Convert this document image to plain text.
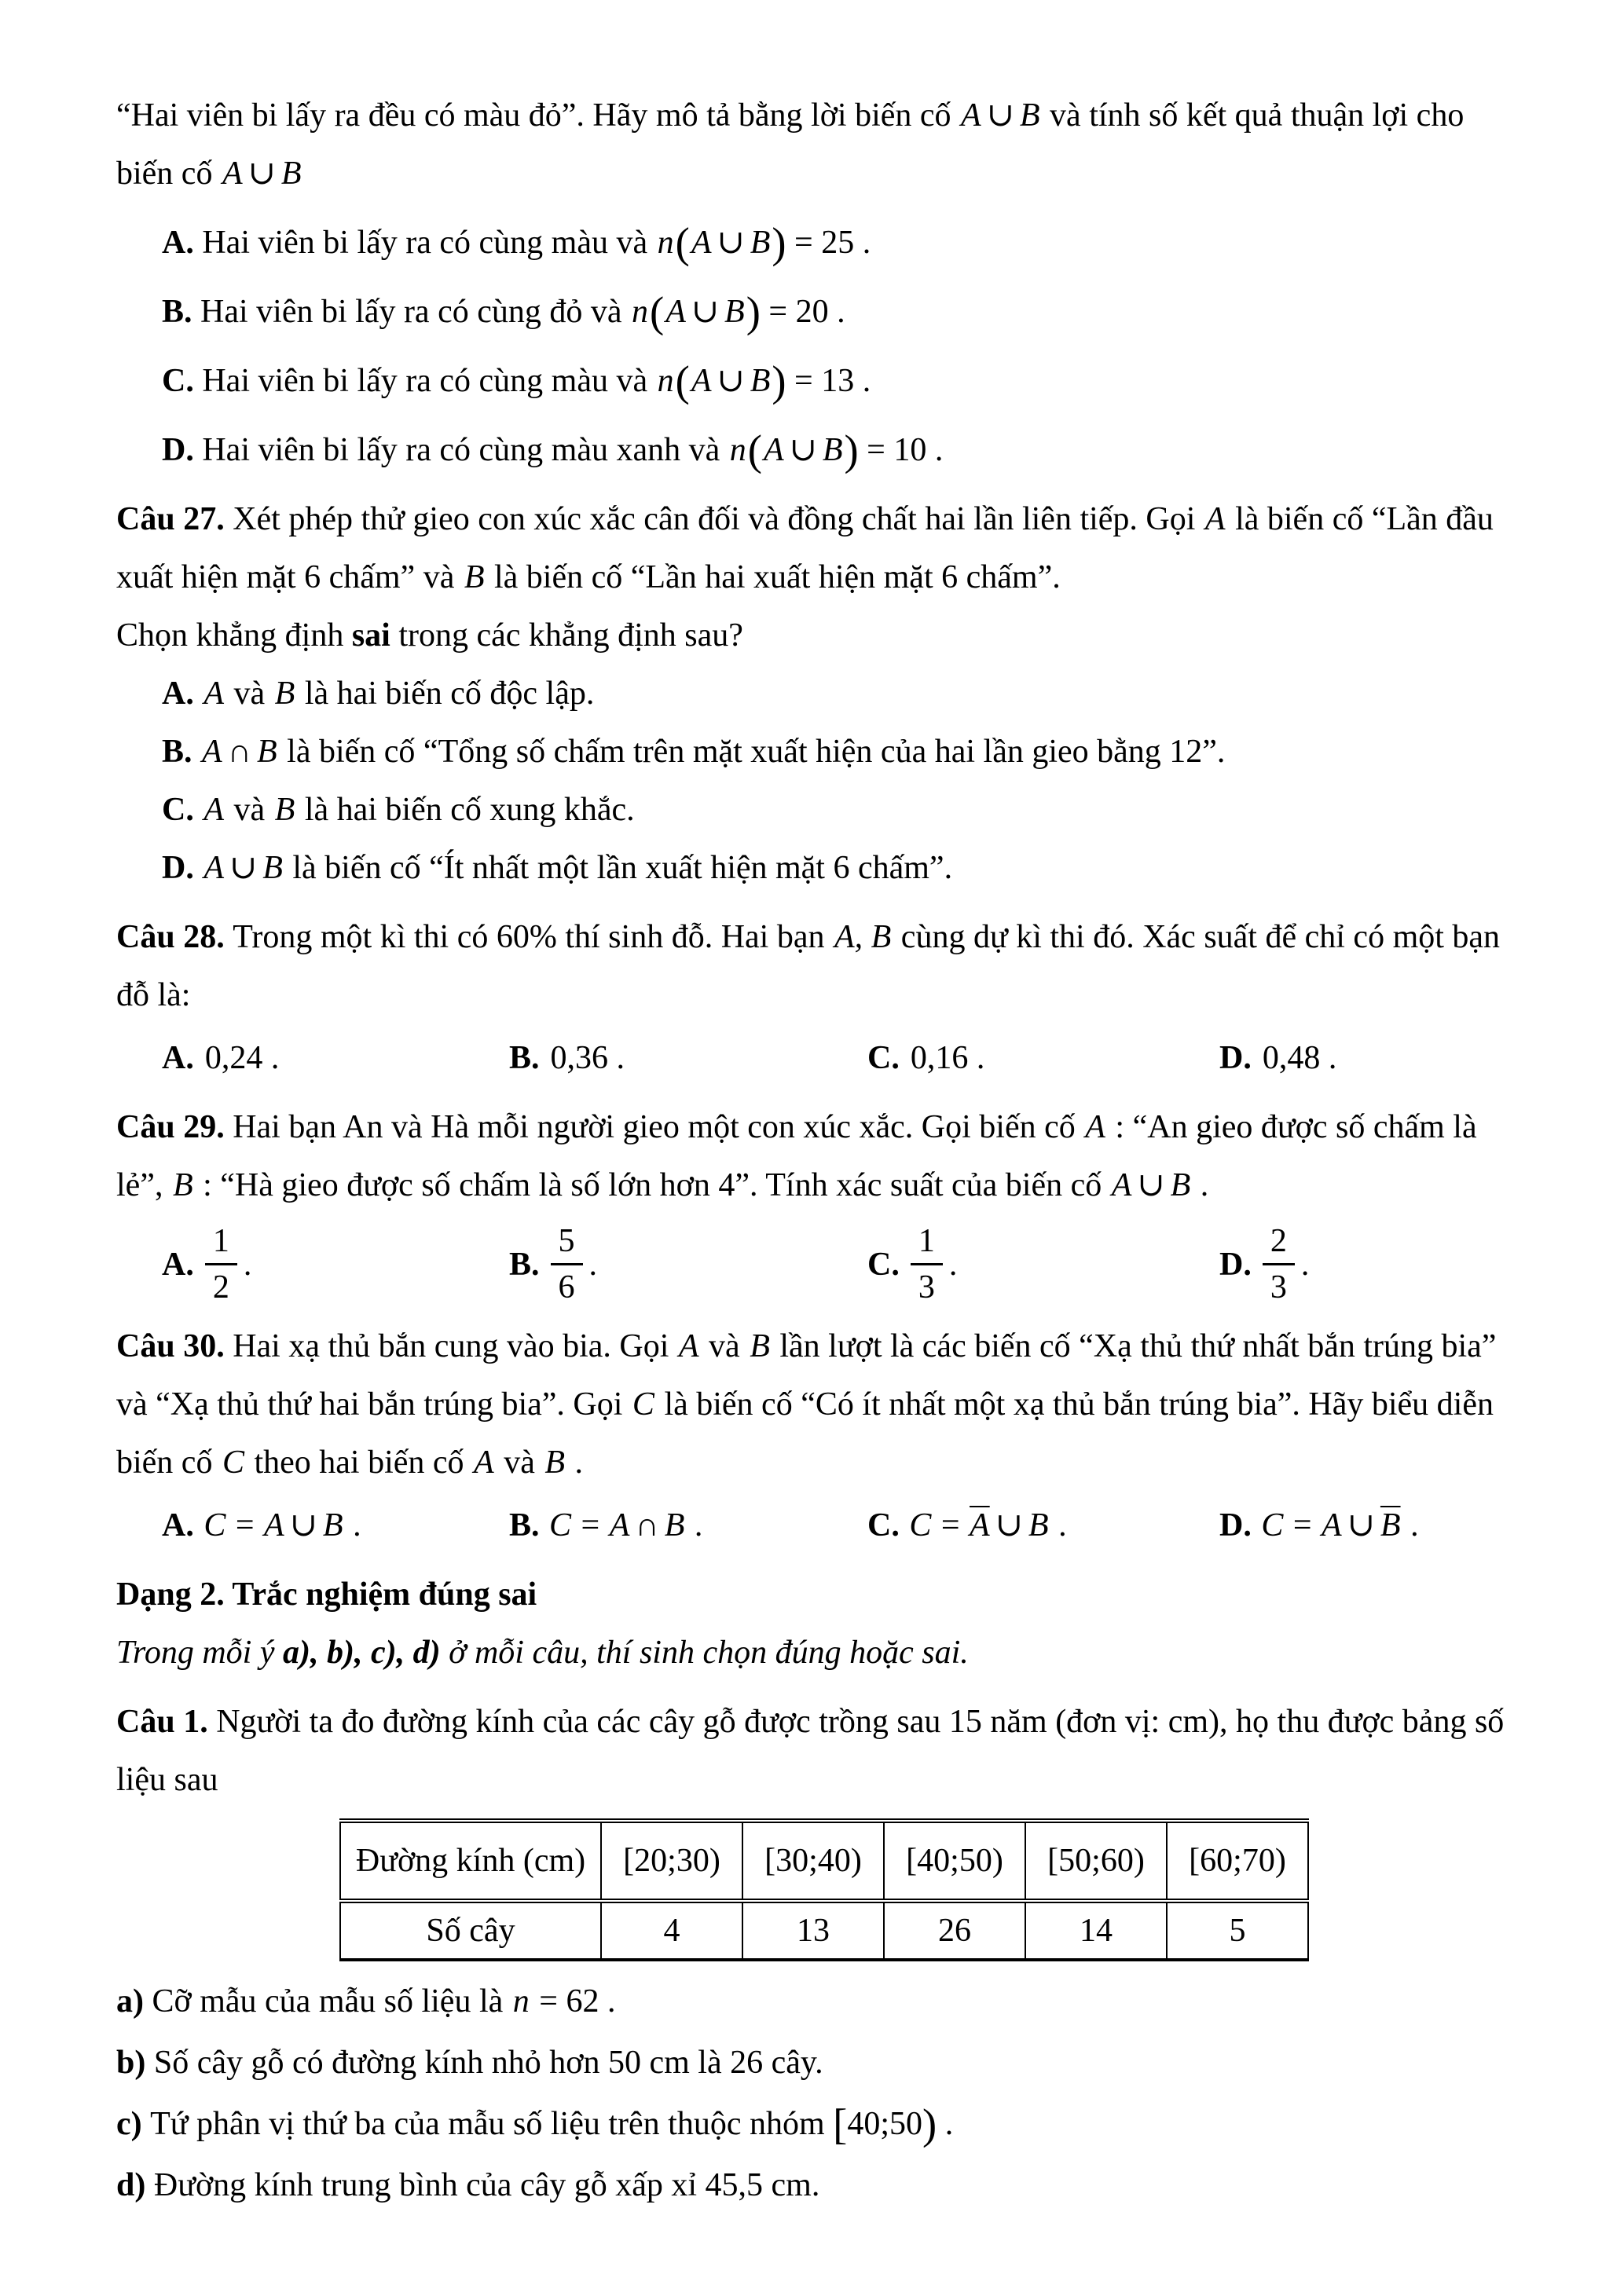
“Hai viên bi lấy ra đều có màu đỏ”. Hãy mô tả bằng lời biến cố A ∪ B và tính số kết quả thuận lợi cho
biến cố A ∪ B
A. Hai viên bi lấy ra có cùng màu và n(A ∪ B) = 25 .
B. Hai viên bi lấy ra có cùng đỏ và n(A ∪ B) = 20 .
C. Hai viên bi lấy ra có cùng màu và n(A ∪ B) = 13 .
D. Hai viên bi lấy ra có cùng màu xanh và n(A ∪ B) = 10 .
Câu 27. Xét phép thử gieo con xúc xắc cân đối và đồng chất hai lần liên tiếp. Gọi A là biến cố “Lần đầu
xuất hiện mặt 6 chấm” và B là biến cố “Lần hai xuất hiện mặt 6 chấm”.
Chọn khẳng định sai trong các khẳng định sau?
A. A và B là hai biến cố độc lập.
B. A ∩ B là biến cố “Tổng số chấm trên mặt xuất hiện của hai lần gieo bằng 12”.
C. A và B là hai biến cố xung khắc.
D. A ∪ B là biến cố “Ít nhất một lần xuất hiện mặt 6 chấm”.
Câu 28. Trong một kì thi có 60% thí sinh đỗ. Hai bạn A, B cùng dự kì thi đó. Xác suất để chỉ có một bạn
đỗ là:
A. 0,24 .	B. 0,36 .	C. 0,16 .	D. 0,48 .
Câu 29. Hai bạn An và Hà mỗi người gieo một con xúc xắc. Gọi biến cố A : “An gieo được số chấm là
lẻ”, B : “Hà gieo được số chấm là số lớn hơn 4”. Tính xác suất của biến cố A ∪ B .
A. $\frac{1}{2}$ .	B. $\frac{5}{6}$ .	C. $\frac{1}{3}$ .	D. $\frac{2}{3}$ .
Câu 30. Hai xạ thủ bắn cung vào bia. Gọi A và B lần lượt là các biến cố “Xạ thủ thứ nhất bắn trúng bia”
và “Xạ thủ thứ hai bắn trúng bia”. Gọi C là biến cố “Có ít nhất một xạ thủ bắn trúng bia”. Hãy biểu diễn
biến cố C theo hai biến cố A và B .
A. C = A ∪ B .	B. C = A ∩ B .	C. $C = \overline{A}$ ∪ B .	D. C = A ∪ $\overline{B}$ .
Dạng 2. Trắc nghiệm đúng sai
Trong mỗi ý a), b), c), d) ở mỗi câu, thí sinh chọn đúng hoặc sai.
Câu 1. Người ta đo đường kính của các cây gỗ được trồng sau 15 năm (đơn vị: cm), họ thu được bảng số
liệu sau
Đường kính (cm)	[20;30)	[30;40)	[40;50)	[50;60)	[60;70)
Số cây	4	13	26	14	5
a) Cỡ mẫu của mẫu số liệu là n = 62 .
b) Số cây gỗ có đường kính nhỏ hơn 50 cm là 26 cây.
c) Tứ phân vị thứ ba của mẫu số liệu trên thuộc nhóm [40;50) .
d) Đường kính trung bình của cây gỗ xấp xỉ 45,5 cm.
